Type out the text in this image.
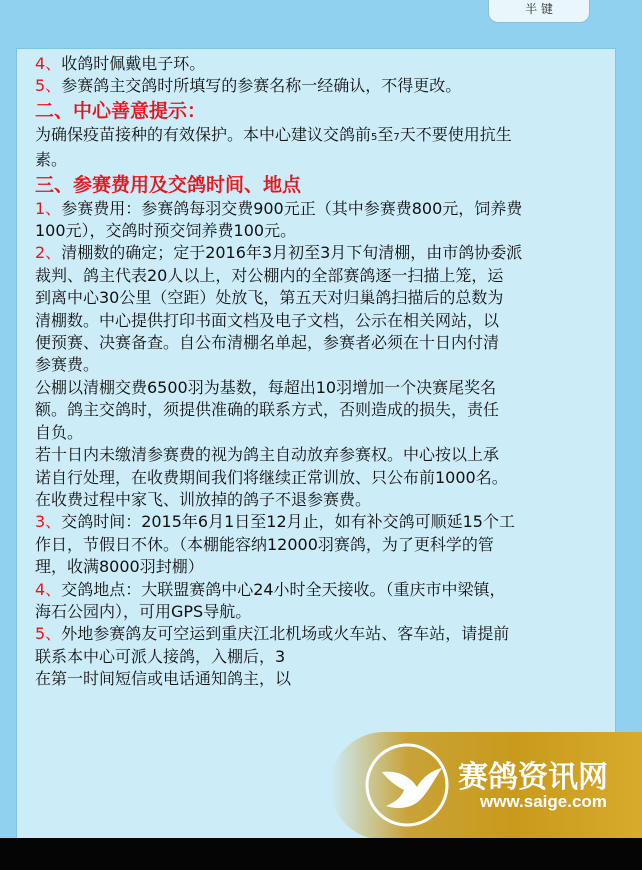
半 键

4、收鸽时佩戴电子环。

5、参赛鸽主交鸽时所填写的参赛名称一经确认，不得更改。

二、中心善意提示：

为确保疫苗接种的有效保护。本中心建议交鸽前5至7天不要使用抗生

素。

三、参赛费用及交鸽时间、地点

1、参赛费用：参赛鸽每羽交费900元正（其中参赛费800元，饲养费

100元），交鸽时预交饲养费100元。

2、清棚数的确定；定于2016年3月初至3月下旬清棚，由市鸽协委派

裁判、鸽主代表20人以上，对公棚内的全部赛鸽逐一扫描上笼，运

到离中心30公里（空距）处放飞，第五天对归巢鸽扫描后的总数为

清棚数。中心提供打印书面文档及电子文档，公示在相关网站，以

便预赛、决赛备查。自公布清棚名单起，参赛者必须在十日内付清

参赛费。

公棚以清棚交费6500羽为基数，每超出10羽增加一个决赛尾奖名

额。鸽主交鸽时，须提供准确的联系方式，否则造成的损失，责任

自负。

若十日内未缴清参赛费的视为鸽主自动放弃参赛权。中心按以上承

诺自行处理，在收费期间我们将继续正常训放、只公布前1000名。

在收费过程中家飞、训放掉的鸽子不退参赛费。

3、交鸽时间：2015年6月1日至12月止，如有补交鸽可顺延15个工

作日，节假日不休。（本棚能容纳12000羽赛鸽，为了更科学的管

理，收满8000羽封棚）

4、交鸽地点：大联盟赛鸽中心24小时全天接收。（重庆市中梁镇，

海石公园内），可用GPS导航。

5、外地参赛鸽友可空运到重庆江北机场或火车站、客车站，请提前

联系本中心可派人接鸽，入棚后，3

在第一时间短信或电话通知鸽主，以

赛鸽资讯网
www.saige.com
